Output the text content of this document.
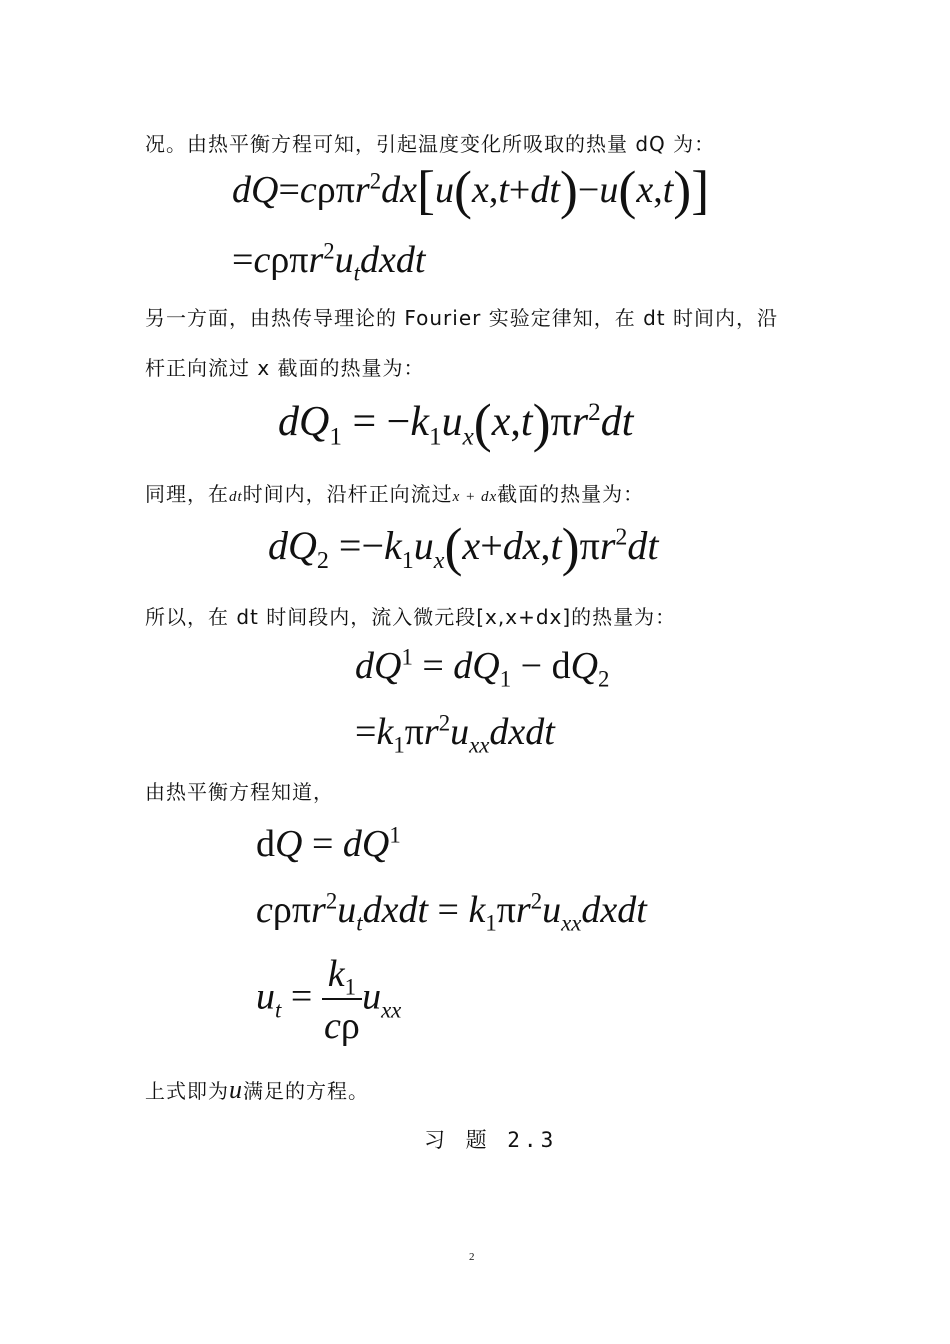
况。由热平衡方程可知，引起温度变化所吸取的热量 dQ 为：
dQ=cρπr$^2$dx[u(x,t+dt)−u(x,t)]
$=c\rho\pi r^2u_tdxdt$
另一方面，由热传导理论的 Fourier 实验定律知，在 dt 时间内，沿
杆正向流过 x 截面的热量为：
$dQ_1 = -k_1u_x(x,t)\pi r^2dt$
同理，在dt时间内，沿杆正向流过x + dx截面的热量为：
$dQ_2 =-k_1u_x(x+dx,t)\pi r^2dt$
所以，在 dt 时间段内，流入微元段[x,x+dx]的热量为：
$dQ^1 = dQ_1 - dQ_2$
$=k_1\pi r^2u_{xx}dxdt$
由热平衡方程知道，
dQ = $dQ^1$
$c\rho\pi r^2u_tdxdt$ = $k_1\pi r^2u_{xx}dxdt$
$u_t = \frac{k_1}{c\rho} u_{xx}$
上式即为u满足的方程。
习 题 2.3
2
